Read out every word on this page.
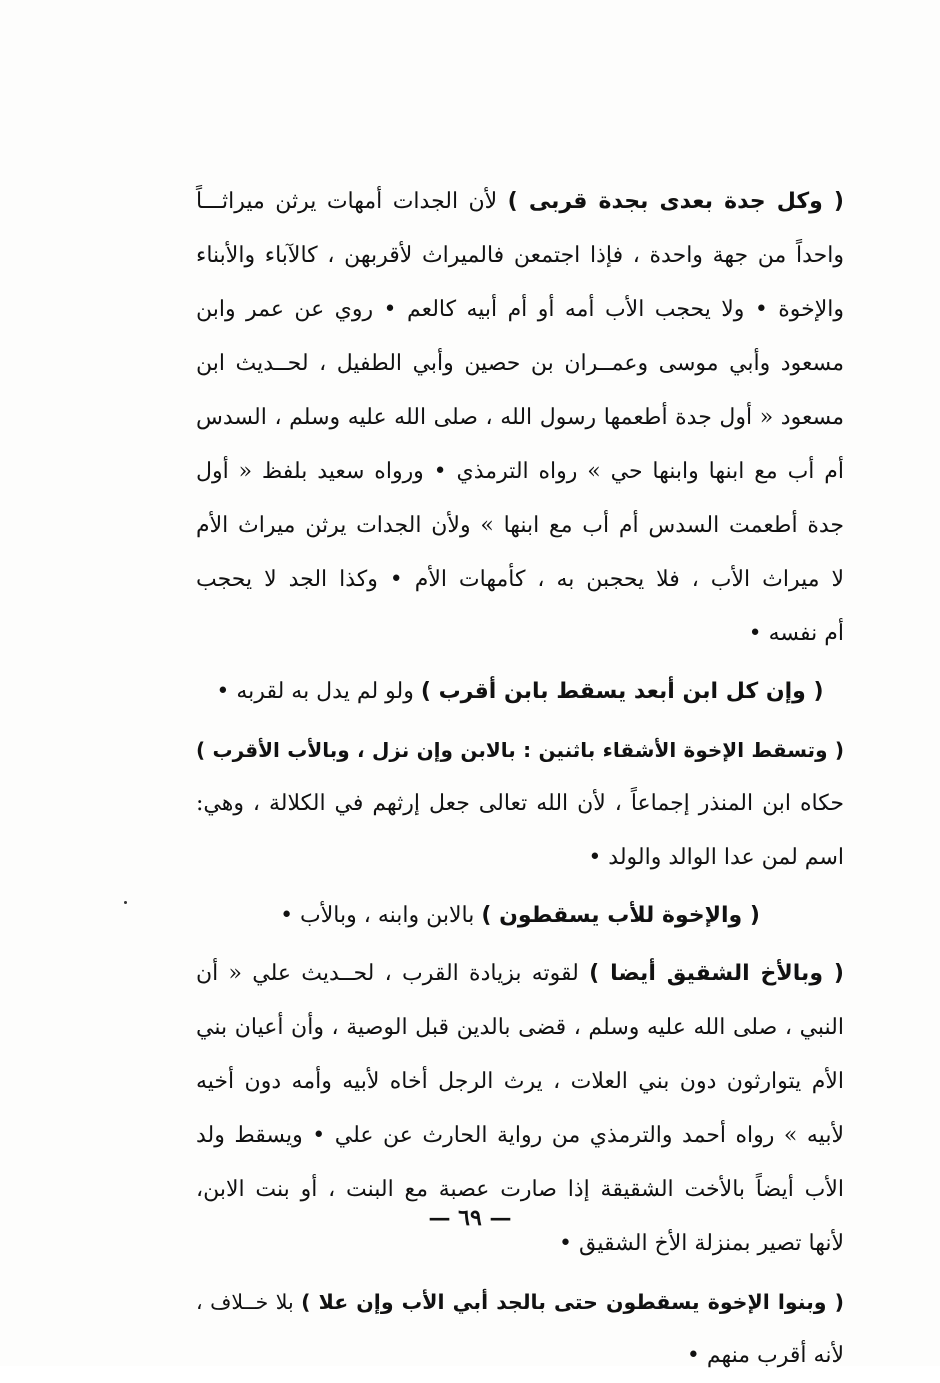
( وكل جدة بعدى بجدة قربى ) لأن الجدات أمهات يرثن ميراثـــاً
واحداً من جهة واحدة ، فإذا اجتمعن فالميراث لأقربهن ، كالآباء والأبناء
والإخوة • ولا يحجب الأب أمه أو أم أبيه كالعم • روي عن عمر وابن
مسعود وأبي موسى وعمــران بن حصين وأبي الطفيل ، لحــديث ابن
مسعود « أول جدة أطعمها رسول الله ، صلى الله عليه وسلم ، السدس
أم أب مع ابنها وابنها حي » رواه الترمذي • ورواه سعيد بلفظ « أول
جدة أطعمت السدس أم أب مع ابنها » ولأن الجدات يرثن ميراث الأم
لا ميراث الأب ، فلا يحجبن به ، كأمهات الأم • وكذا الجد لا يحجب
أم نفسه •
( وإن كل ابن أبعد يسقط بابن أقرب ) ولو لم يدل به لقربه •
( وتسقط الإخوة الأشقاء باثنين : بالابن وإن نزل ، وبالأب الأقرب )
حكاه ابن المنذر إجماعاً ، لأن الله تعالى جعل إرثهم في الكلالة ، وهي:
اسم لمن عدا الوالد والولد •
( والإخوة للأب يسقطون ) بالابن وابنه ، وبالأب •
( وبالأخ الشقيق أيضا ) لقوته بزيادة القرب ، لحــديث علي « أن
النبي ، صلى الله عليه وسلم ، قضى بالدين قبل الوصية ، وأن أعيان بني
الأم يتوارثون دون بني العلات ، يرث الرجل أخاه لأبيه وأمه دون أخيه
لأبيه » رواه أحمد والترمذي من رواية الحارث عن علي • ويسقط ولد
الأب أيضاً بالأخت الشقيقة إذا صارت عصبة مع البنت ، أو بنت الابن،
لأنها تصير بمنزلة الأخ الشقيق •
( وبنوا الإخوة يسقطون حتى بالجد أبي الأب وإن علا ) بلا خــلاف ،
لأنه أقرب منهم •
— ٦٩ —
